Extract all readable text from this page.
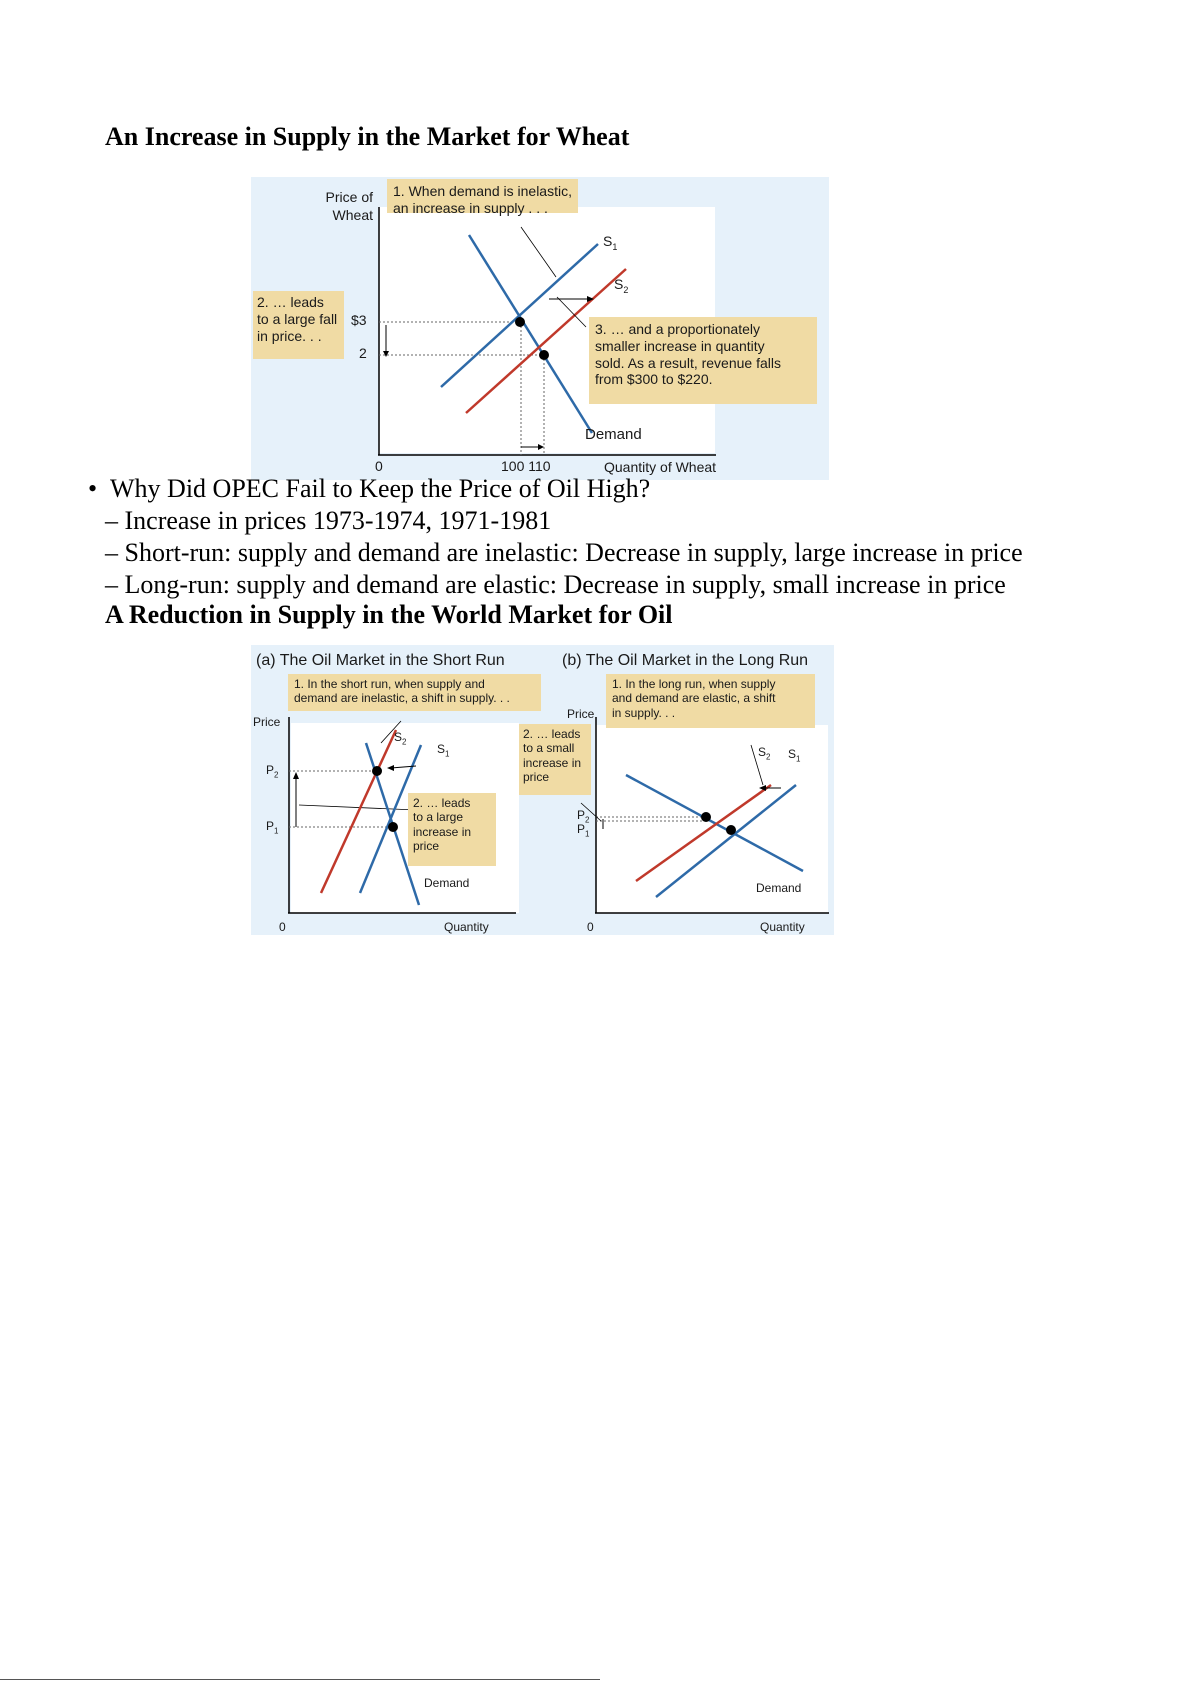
An Increase in Supply in the Market for Wheat
Price of
Wheat
1. When demand is inelastic,
an increase in supply . . .
2. … leads
to a large fall
in price. . .
$3
2
3. … and a proportionately
smaller increase in quantity
sold. As a result, revenue falls
from $300 to $220.
$S_1$
$S_2$
Demand
0	100 110	Quantity of Wheat
• Why Did OPEC Fail to Keep the Price of Oil High?
– Increase in prices 1973-1974, 1971-1981
– Short-run: supply and demand are inelastic: Decrease in supply, large increase in price
– Long-run: supply and demand are elastic: Decrease in supply, small increase in price
A Reduction in Supply in the World Market for Oil
(a) The Oil Market in the Short Run	(b) The Oil Market in the Long Run
1. In the short run, when supply and
demand are inelastic, a shift in supply. . .
Price
$P_2$
$P_1$
$S_2$
$S_1$
2. … leads
to a large
increase in
price
Demand
0	Quantity
2. … leads
to a small
increase in
price
1. In the long run, when supply
and demand are elastic, a shift
in supply. . .
Price
$P_2$
$P_1$
$S_2$ $S_1$
Demand
0	Quantity
